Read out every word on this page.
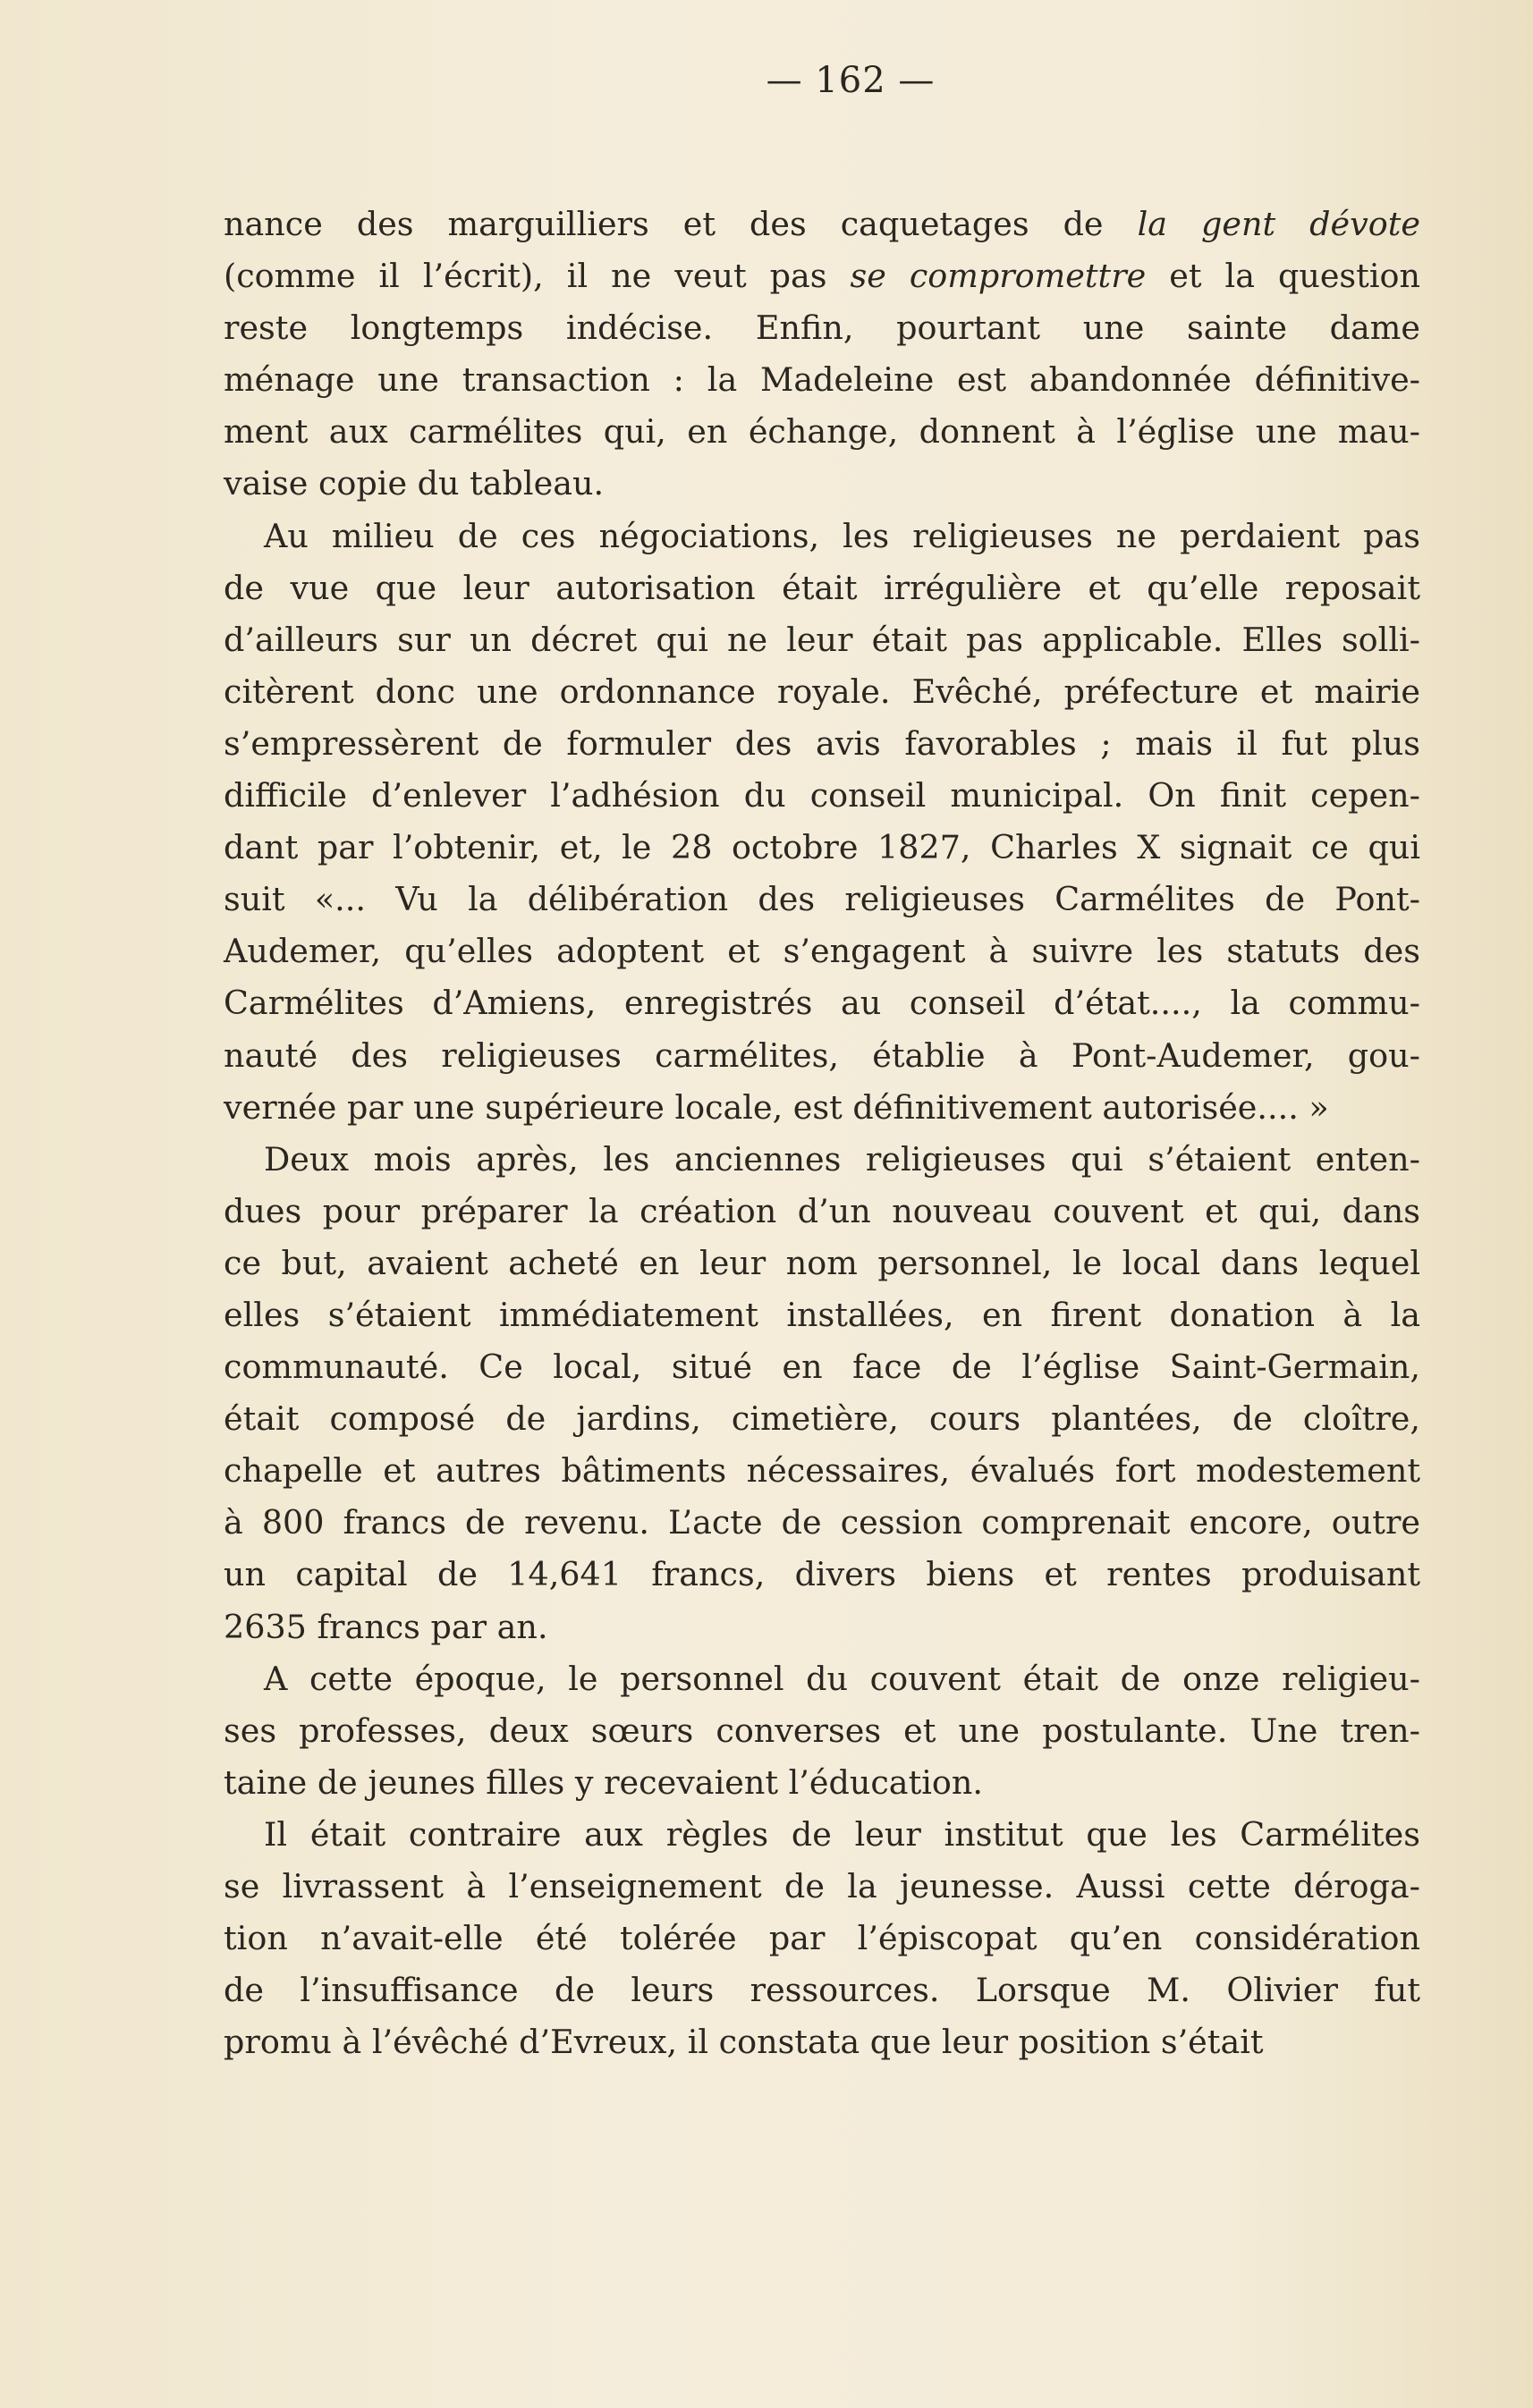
— 162 —
nance des marguilliers et des caquetages de la gent dévote
(comme il l’écrit), il ne veut pas se compromettre et la question
reste longtemps indécise. Enfin, pourtant une sainte dame
ménage une transaction : la Madeleine est abandonnée définitive-
ment aux carmélites qui, en échange, donnent à l’église une mau-
vaise copie du tableau.
Au milieu de ces négociations, les religieuses ne perdaient pas
de vue que leur autorisation était irrégulière et qu’elle reposait
d’ailleurs sur un décret qui ne leur était pas applicable. Elles solli-
citèrent donc une ordonnance royale. Evêché, préfecture et mairie
s’empressèrent de formuler des avis favorables ; mais il fut plus
difficile d’enlever l’adhésion du conseil municipal. On finit cepen-
dant par l’obtenir, et, le 28 octobre 1827, Charles X signait ce qui
suit «... Vu la délibération des religieuses Carmélites de Pont-
Audemer, qu’elles adoptent et s’engagent à suivre les statuts des
Carmélites d’Amiens, enregistrés au conseil d’état...., la commu-
nauté des religieuses carmélites, établie à Pont-Audemer, gou-
vernée par une supérieure locale, est définitivement autorisée.... »
Deux mois après, les anciennes religieuses qui s’étaient enten-
dues pour préparer la création d’un nouveau couvent et qui, dans
ce but, avaient acheté en leur nom personnel, le local dans lequel
elles s’étaient immédiatement installées, en firent donation à la
communauté. Ce local, situé en face de l’église Saint-Germain,
était composé de jardins, cimetière, cours plantées, de cloître,
chapelle et autres bâtiments nécessaires, évalués fort modestement
à 800 francs de revenu. L’acte de cession comprenait encore, outre
un capital de 14,641 francs, divers biens et rentes produisant
2635 francs par an.
A cette époque, le personnel du couvent était de onze religieu-
ses professes, deux sœurs converses et une postulante. Une tren-
taine de jeunes filles y recevaient l’éducation.
Il était contraire aux règles de leur institut que les Carmélites
se livrassent à l’enseignement de la jeunesse. Aussi cette déroga-
tion n’avait-elle été tolérée par l’épiscopat qu’en considération
de l’insuffisance de leurs ressources. Lorsque M. Olivier fut
promu à l’évêché d’Evreux, il constata que leur position s’était
